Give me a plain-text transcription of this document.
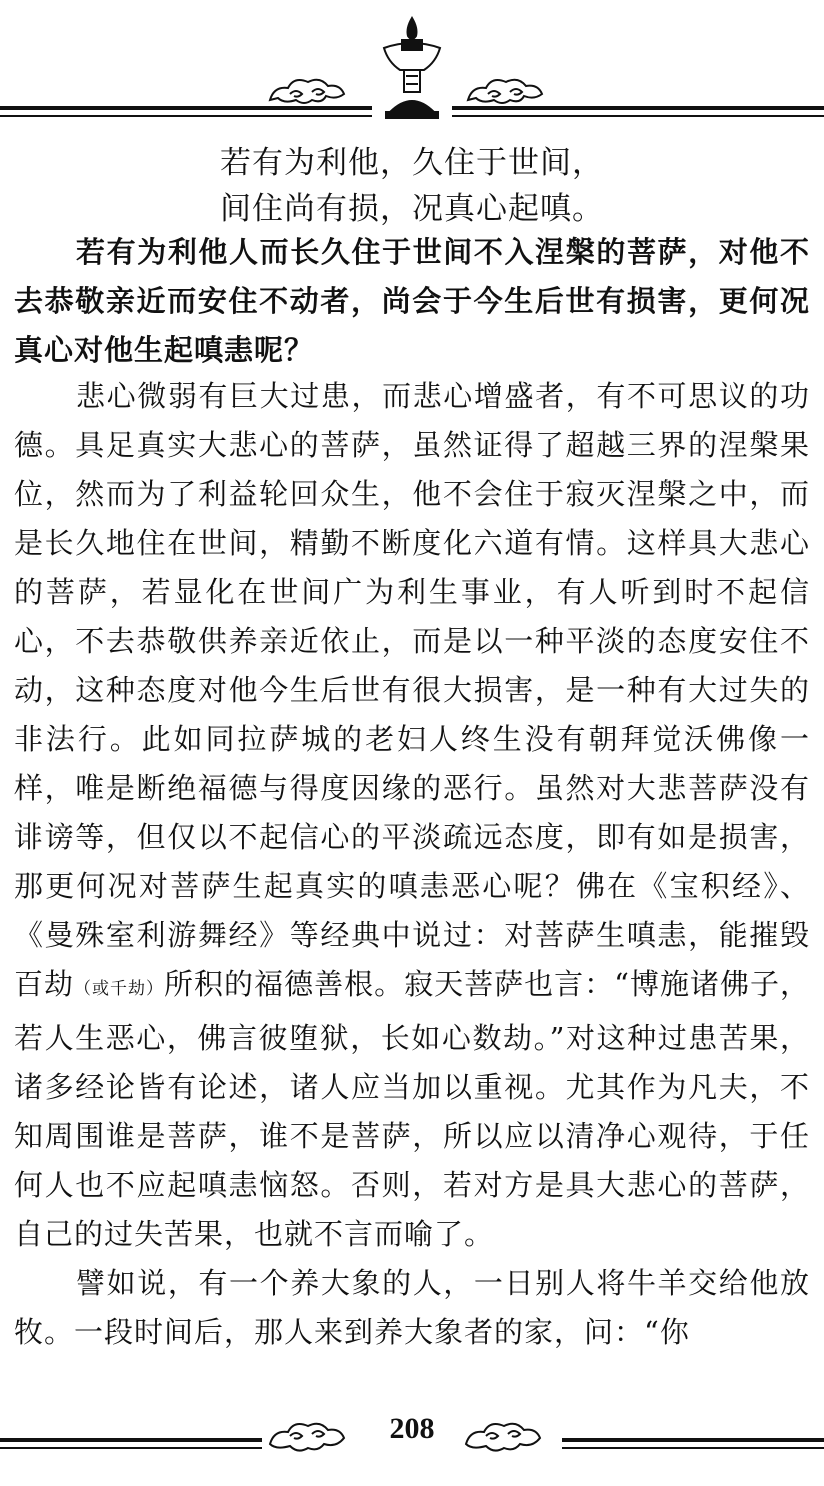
若有为利他，久住于世间，
间住尚有损，况真心起嗔。
若有为利他人而长久住于世间不入涅槃的菩萨，对他不去恭敬亲近而安住不动者，尚会于今生后世有损害，更何况真心对他生起嗔恚呢？

悲心微弱有巨大过患，而悲心增盛者，有不可思议的功德。具足真实大悲心的菩萨，虽然证得了超越三界的涅槃果位，然而为了利益轮回众生，他不会住于寂灭涅槃之中，而是长久地住在世间，精勤不断度化六道有情。这样具大悲心的菩萨，若显化在世间广为利生事业，有人听到时不起信心，不去恭敬供养亲近依止，而是以一种平淡的态度安住不动，这种态度对他今生后世有很大损害，是一种有大过失的非法行。此如同拉萨城的老妇人终生没有朝拜觉沃佛像一样，唯是断绝福德与得度因缘的恶行。虽然对大悲菩萨没有诽谤等，但仅以不起信心的平淡疏远态度，即有如是损害，那更何况对菩萨生起真实的嗔恚恶心呢？佛在《宝积经》、《曼殊室利游舞经》等经典中说过：对菩萨生嗔恚，能摧毁百劫（或千劫）所积的福德善根。寂天菩萨也言：“博施诸佛子，若人生恶心，佛言彼堕狱，长如心数劫。”对这种过患苦果，诸多经论皆有论述，诸人应当加以重视。尤其作为凡夫，不知周围谁是菩萨，谁不是菩萨，所以应以清净心观待，于任何人也不应起嗔恚恼怒。否则，若对方是具大悲心的菩萨，自己的过失苦果，也就不言而喻了。

譬如说，有一个养大象的人，一日别人将牛羊交给他放牧。一段时间后，那人来到养大象者的家，问：“你

208
